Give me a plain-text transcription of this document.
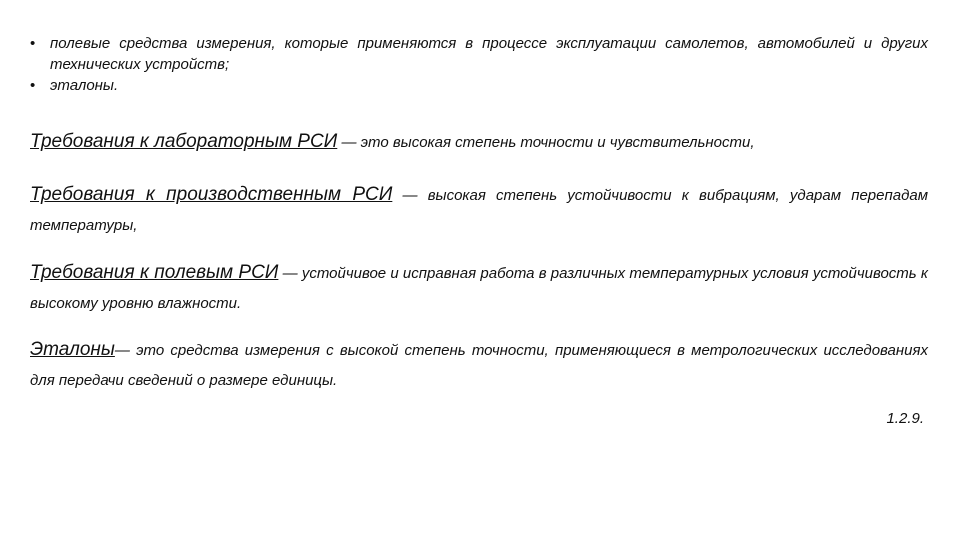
• полевые средства измерения, которые применяются в процессе эксплуатации самолетов, автомобилей и других технических устройств;
• эталоны.

Требования к лабораторным РСИ — это высокая степень точности и чувствительности,

Требования к производственным РСИ — высокая степень устойчивости к вибрациям, ударам перепадам температуры,

Требования к полевым РСИ — устойчивое и исправная работа в различных температурных условия устойчивость к высокому уровню влажности.

Эталоны— это средства измерения с высокой степень точности, применяющиеся в метрологических исследованиях для передачи сведений о размере единицы.

1.2.9.
